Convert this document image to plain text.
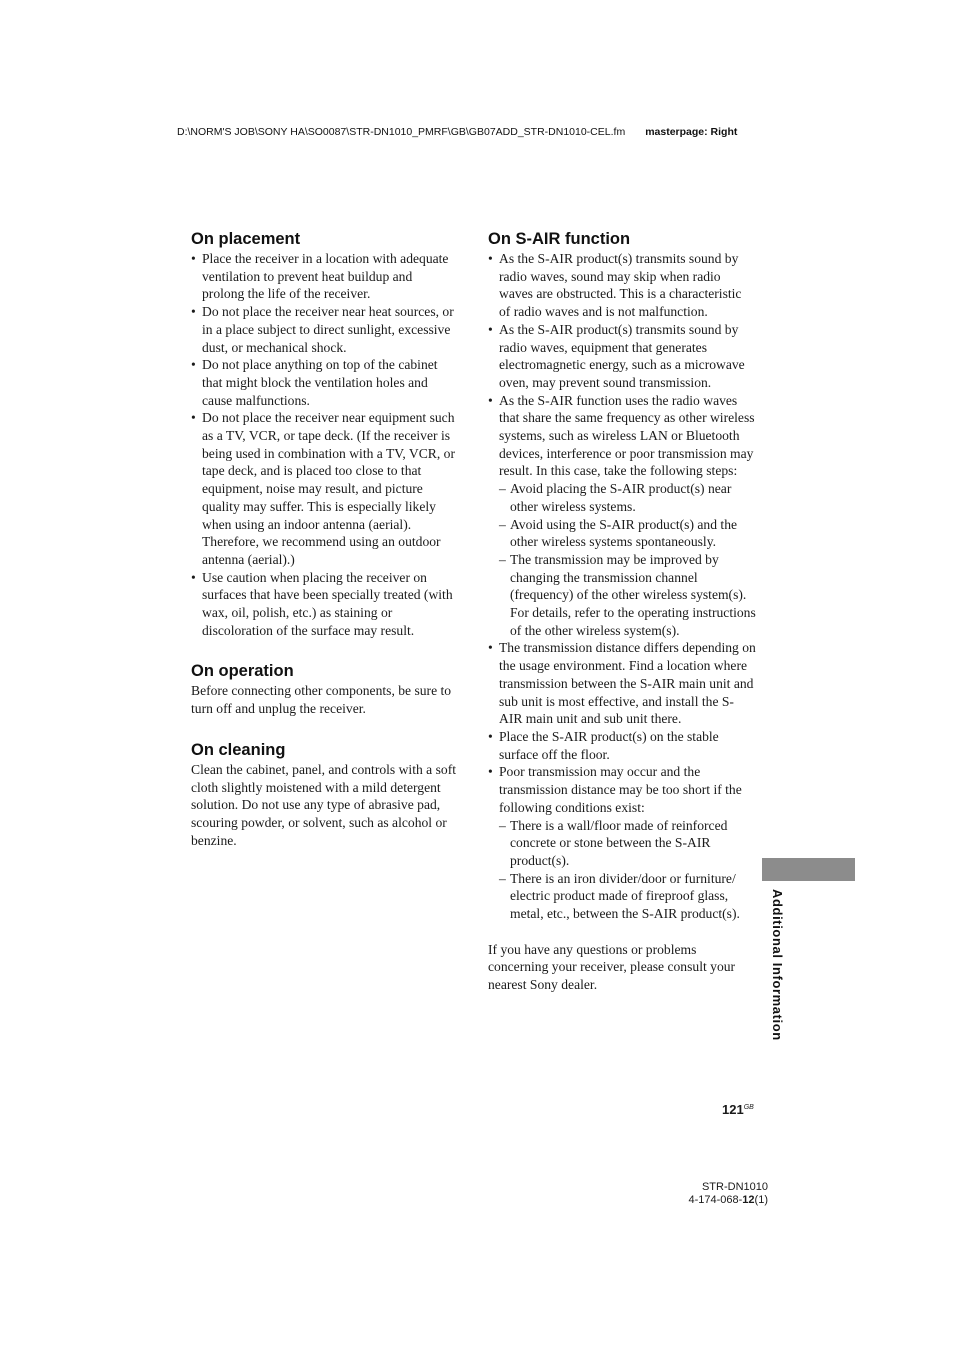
D:\NORM'S JOB\SONY HA\SO0087\STR-DN1010_PMRF\GB\GB07ADD_STR-DN1010-CEL.fm masterpage: Right
On placement
• Place the receiver in a location with adequate ventilation to prevent heat buildup and prolong the life of the receiver.
• Do not place the receiver near heat sources, or in a place subject to direct sunlight, excessive dust, or mechanical shock.
• Do not place anything on top of the cabinet that might block the ventilation holes and cause malfunctions.
• Do not place the receiver near equipment such as a TV, VCR, or tape deck. (If the receiver is being used in combination with a TV, VCR, or tape deck, and is placed too close to that equipment, noise may result, and picture quality may suffer. This is especially likely when using an indoor antenna (aerial). Therefore, we recommend using an outdoor antenna (aerial).)
• Use caution when placing the receiver on surfaces that have been specially treated (with wax, oil, polish, etc.) as staining or discoloration of the surface may result.
On operation

Before connecting other components, be sure to turn off and unplug the receiver.

On cleaning

Clean the cabinet, panel, and controls with a soft cloth slightly moistened with a mild detergent solution. Do not use any type of abrasive pad, scouring powder, or solvent, such as alcohol or benzine.

On S-AIR function
• As the S-AIR product(s) transmits sound by radio waves, sound may skip when radio waves are obstructed. This is a characteristic of radio waves and is not malfunction.
• As the S-AIR product(s) transmits sound by radio waves, equipment that generates electromagnetic energy, such as a microwave oven, may prevent sound transmission.
• As the S-AIR function uses the radio waves that share the same frequency as other wireless systems, such as wireless LAN or Bluetooth devices, interference or poor transmission may result. In this case, take the following steps:
– Avoid placing the S-AIR product(s) near other wireless systems.
– Avoid using the S-AIR product(s) and the other wireless systems spontaneously.
– The transmission may be improved by changing the transmission channel (frequency) of the other wireless system(s). For details, refer to the operating instructions of the other wireless system(s).
• The transmission distance differs depending on the usage environment. Find a location where transmission between the S-AIR main unit and sub unit is most effective, and install the S-AIR main unit and sub unit there.
• Place the S-AIR product(s) on the stable surface off the floor.
• Poor transmission may occur and the transmission distance may be too short if the following conditions exist:
– There is a wall/floor made of reinforced concrete or stone between the S-AIR product(s).
– There is an iron divider/door or furniture/ electric product made of fireproof glass, metal, etc., between the S-AIR product(s).

If you have any questions or problems concerning your receiver, please consult your nearest Sony dealer.	Additional Information
$121^{GB}$
STR-DN1010
4-174-068-12(1)
